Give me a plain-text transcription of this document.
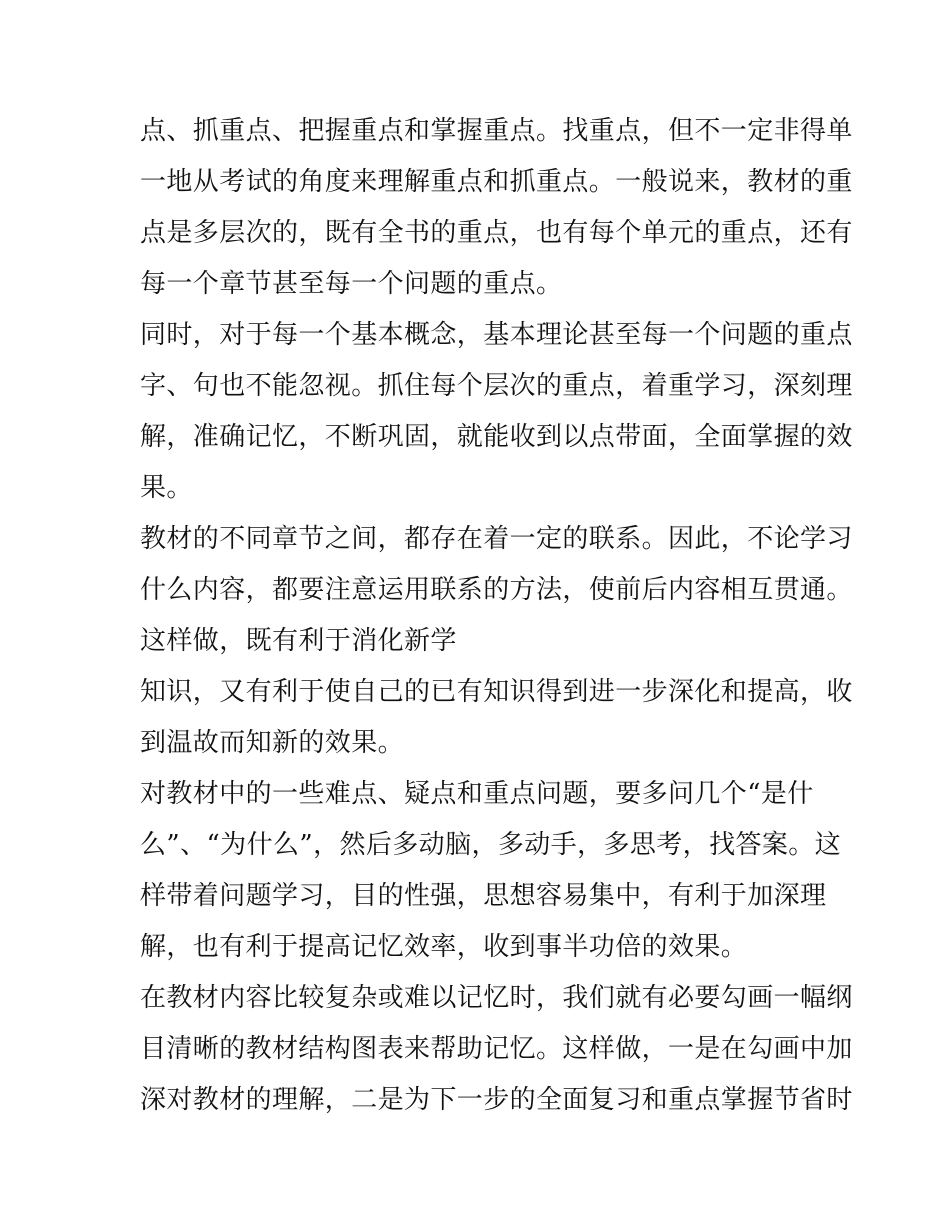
点、抓重点、把握重点和掌握重点。找重点，但不一定非得单
一地从考试的角度来理解重点和抓重点。一般说来，教材的重
点是多层次的，既有全书的重点，也有每个单元的重点，还有
每一个章节甚至每一个问题的重点。
同时，对于每一个基本概念，基本理论甚至每一个问题的重点
字、句也不能忽视。抓住每个层次的重点，着重学习，深刻理
解，准确记忆，不断巩固，就能收到以点带面，全面掌握的效
果。
教材的不同章节之间，都存在着一定的联系。因此，不论学习
什么内容，都要注意运用联系的方法，使前后内容相互贯通。
这样做，既有利于消化新学
知识，又有利于使自己的已有知识得到进一步深化和提高，收
到温故而知新的效果。
对教材中的一些难点、疑点和重点问题，要多问几个“是什
么”、“为什么”，然后多动脑，多动手，多思考，找答案。这
样带着问题学习，目的性强，思想容易集中，有利于加深理
解，也有利于提高记忆效率，收到事半功倍的效果。
在教材内容比较复杂或难以记忆时，我们就有必要勾画一幅纲
目清晰的教材结构图表来帮助记忆。这样做，一是在勾画中加
深对教材的理解，二是为下一步的全面复习和重点掌握节省时
